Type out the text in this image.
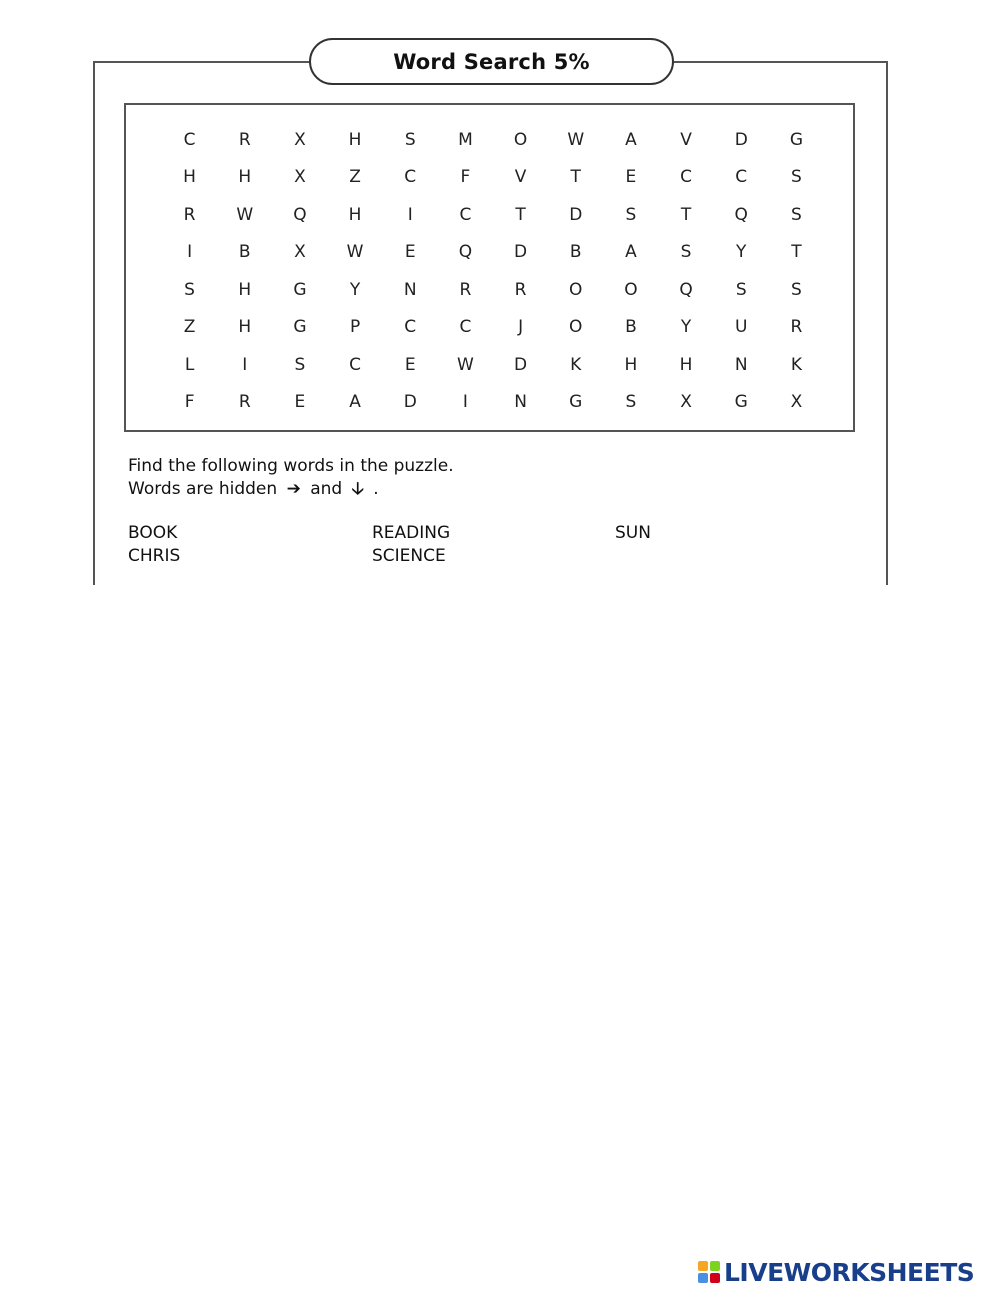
Word Search 5%
C	R	X	H	S	M	O	W	A	V	D	G
H	H	X	Z	C	F	V	T	E	C	C	S
R	W	Q	H	I	C	T	D	S	T	Q	S
I	B	X	W	E	Q	D	B	A	S	Y	T
S	H	G	Y	N	R	R	O	O	Q	S	S
Z	H	G	P	C	C	J	O	B	Y	U	R
L	I	S	C	E	W	D	K	H	H	N	K
F	R	E	A	D	I	N	G	S	X	G	X
Find the following words in the puzzle.
Words are hidden ➔ and 🡣 .
BOOK	READING	SUN
CHRIS	SCIENCE
LIVEWORKSHEETS
